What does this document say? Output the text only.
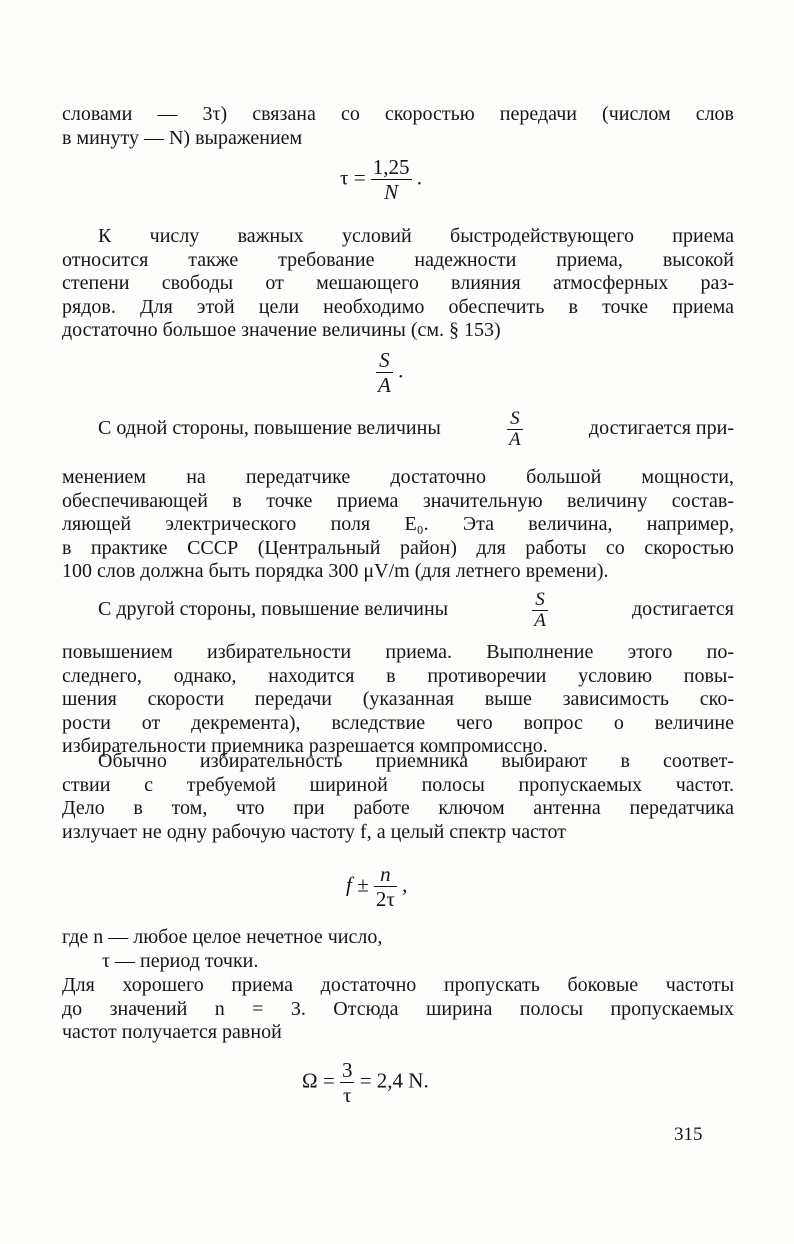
словами — 3τ) связана со скоростью передачи (числом слов
в минуту — N) выражением
$\tau = \frac{1,25}{N}$ .
К числу важных условий быстродействующего приема
относится также требование надежности приема, высокой
степени свободы от мешающего влияния атмосферных раз-
рядов. Для этой цели необходимо обеспечить в точке приема
достаточно большое значение величины (см. § 153)
$\frac{S}{A}$ .
С одной стороны, повышение величины	$\frac{S}{A}$	достигается при-
менением на передатчике достаточно большой мощности,
обеспечивающей в точке приема значительную величину состав-
ляющей электрического поля E₀. Эта величина, например,
в практике СССР (Центральный район) для работы со скоростью
100 слов должна быть порядка 300 μV/m (для летнего времени).
С другой стороны, повышение величины	$\frac{S}{A}$	достигается
повышением избирательности приема. Выполнение этого по-
следнего, однако, находится в противоречии условию повы-
шения скорости передачи (указанная выше зависимость ско-
рости от декремента), вследствие чего вопрос о величине
избирательности приемника разрешается компромиссно.
Обычно избирательность приемника выбирают в соответ-
ствии с требуемой шириной полосы пропускаемых частот.
Дело в том, что при работе ключом антенна передатчика
излучает не одну рабочую частоту f, а целый спектр частот
$f \pm \frac{n}{2\tau}$ ,
где n — любое целое нечетное число,
τ — период точки.
Для хорошего приема достаточно пропускать боковые частоты
до значений n = 3. Отсюда ширина полосы пропускаемых
частот получается равной
$\Omega = \frac{3}{\tau} = 2,4$ N.
315
